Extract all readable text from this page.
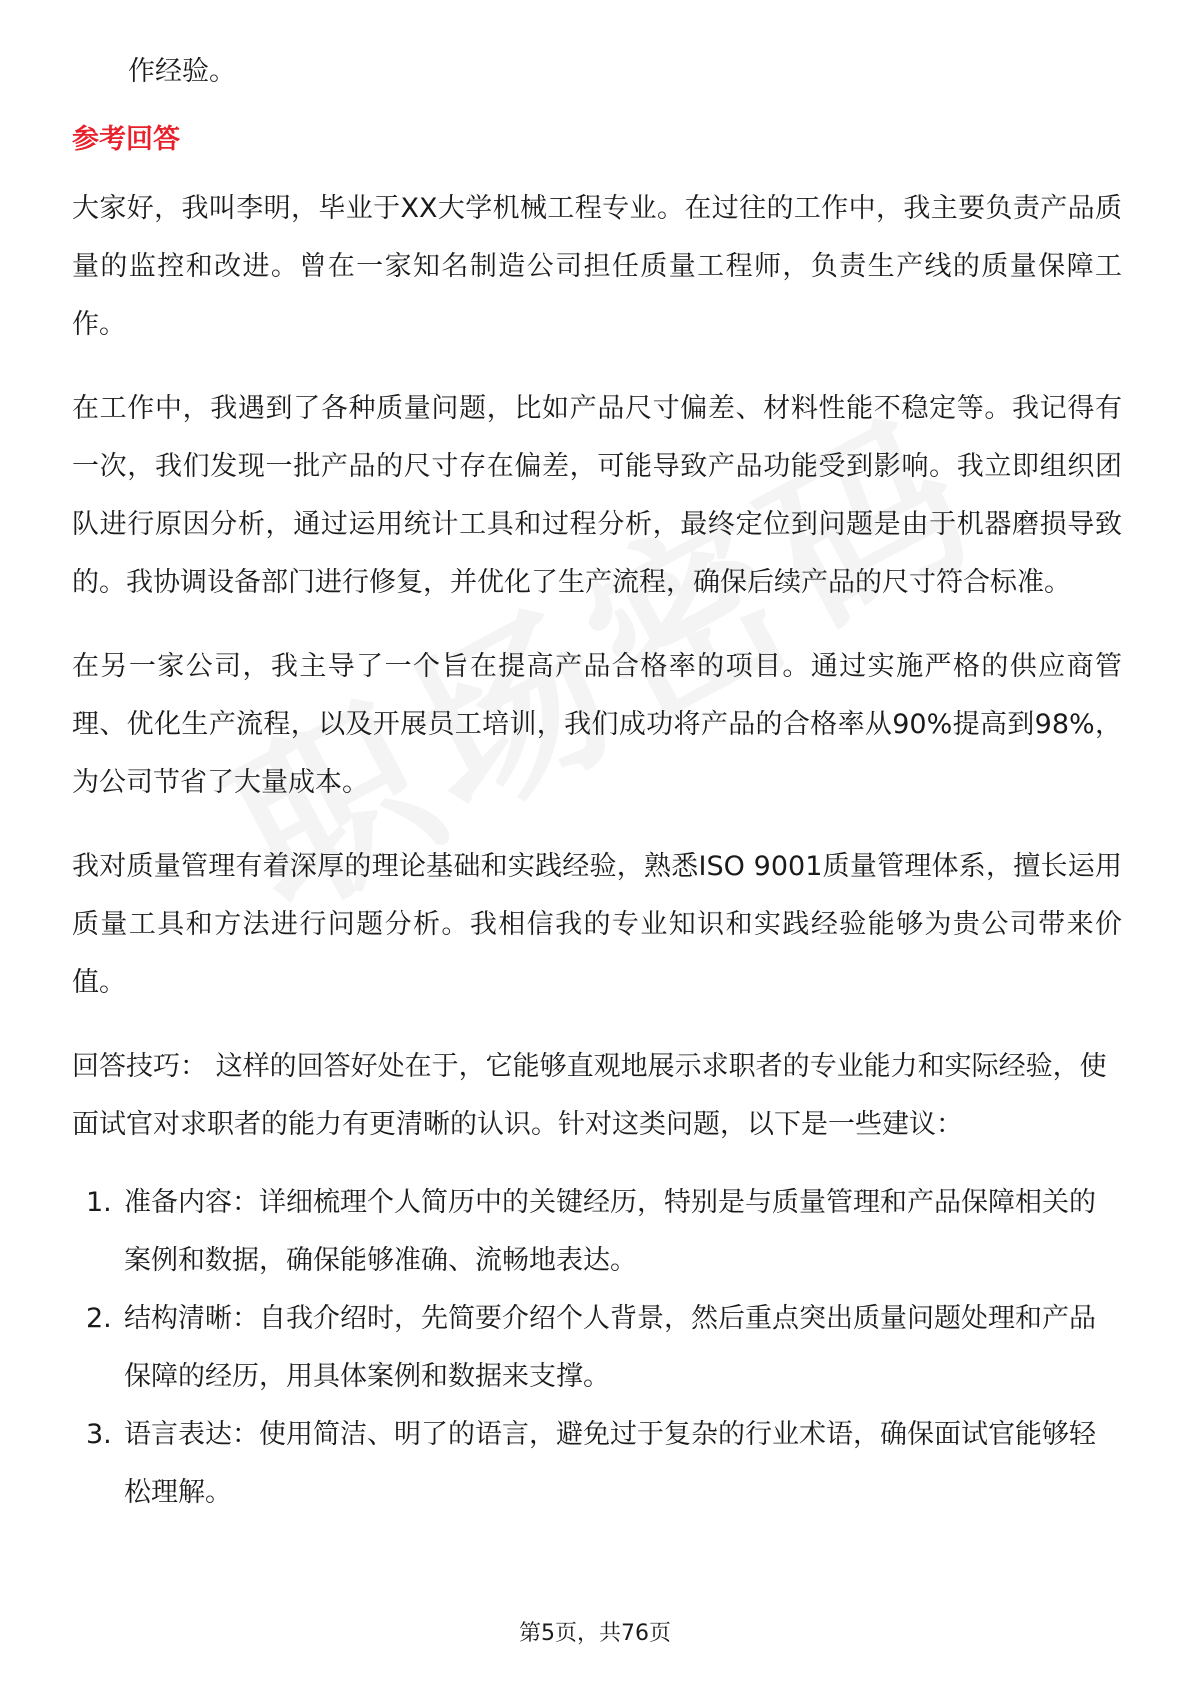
作经验。
参考回答

大家好，我叫李明，毕业于XX大学机械工程专业。在过往的工作中，我主要负责产品质量的监控和改进。曾在一家知名制造公司担任质量工程师，负责生产线的质量保障工作。

在工作中，我遇到了各种质量问题，比如产品尺寸偏差、材料性能不稳定等。我记得有一次，我们发现一批产品的尺寸存在偏差，可能导致产品功能受到影响。我立即组织团队进行原因分析，通过运用统计工具和过程分析，最终定位到问题是由于机器磨损导致的。我协调设备部门进行修复，并优化了生产流程，确保后续产品的尺寸符合标准。

在另一家公司，我主导了一个旨在提高产品合格率的项目。通过实施严格的供应商管理、优化生产流程，以及开展员工培训，我们成功将产品的合格率从90%提高到98%，为公司节省了大量成本。

我对质量管理有着深厚的理论基础和实践经验，熟悉ISO 9001质量管理体系，擅长运用质量工具和方法进行问题分析。我相信我的专业知识和实践经验能够为贵公司带来价值。

回答技巧： 这样的回答好处在于，它能够直观地展示求职者的专业能力和实际经验，使面试官对求职者的能力有更清晰的认识。针对这类问题，以下是一些建议：

1. 准备内容：详细梳理个人简历中的关键经历，特别是与质量管理和产品保障相关的案例和数据，确保能够准确、流畅地表达。
2. 结构清晰：自我介绍时，先简要介绍个人背景，然后重点突出质量问题处理和产品保障的经历，用具体案例和数据来支撑。
3. 语言表达：使用简洁、明了的语言，避免过于复杂的行业术语，确保面试官能够轻松理解。
第5页，共76页
